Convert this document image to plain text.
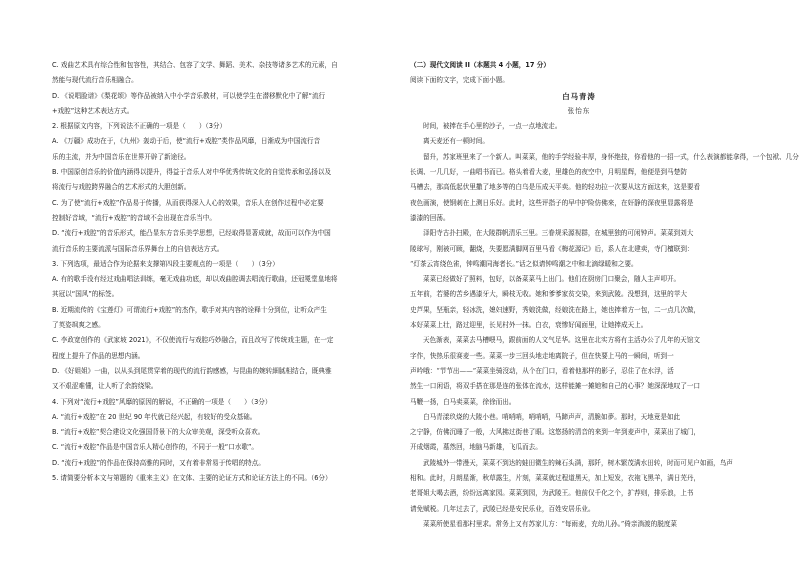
C. 戏曲艺术具有综合性和包容性，其结合、包容了文学、舞蹈、美术、杂技等诸多艺术的元素，自

然能与现代流行音乐相融合。

D. 《说唱脸谱》《梨花颂》等作品被纳入中小学音乐教材，可以使学生在潜移默化中了解“流行

+戏腔”这种艺术表达方式。

2. 根据原文内容，下列说法不正确的一项是（　　）（3分）

A. 《万疆》成功在于，《九州》轰动于后，使“流行+戏腔”类作品风靡，日渐成为中国流行音

乐的主流，并为中国音乐在世界开辟了新途径。

B. 中国原创音乐的价值内涵得以提升，得益于音乐人对中华优秀传统文化的自觉传承和弘扬以及

将流行与戏腔跨界融合的艺术形式的大胆创新。

C. 为了使“流行+戏腔”作品易于传播，从而获得深入人心的效果，音乐人在创作过程中必定要

控制好音域，“流行+戏腔”的音域不会出现在音乐当中。

D. “流行+戏腔”的音乐形式，能凸显东方音乐美学思想，已经取得显著成就，故而可以作为中国

流行音乐的主要流派与国际音乐界舞台上的自信表达方式。

3. 下列选项，最适合作为论据来支撑第四段主要观点的一项是（　　）（3分）

A. 有的歌手没有经过戏曲唱法训练，毫无戏曲功底，却以戏曲腔调去唱流行歌曲，还冠冕堂皇地将

其冠以“国风”的标签。

B. 近期流传的《宝莲灯》可谓流行+戏腔”的杰作，歌手对其内容的诠释十分到位，让听众产生

了英姿飒爽之感。

C. 李政宽创作的《武家坡 2021》，不仅使流行与戏腔巧妙融合，而且改写了传统戏主题，在一定

程度上提升了作品的思想内涵。

D. 《好姐姐》一曲，以从头到尾贯穿着的现代的流行韵感感，与昆曲的婉转細腻相结合，既典雅

又不艰涩难懂，让人听了余韵绕梁。

4. 下列对“流行+戏腔”风靡的原因的解说，不正确的一项是（　　）（3分）

A. “流行+戏腔”在 20 世纪 90 年代就已经兴起，有较好的受众基础。

B. “流行+戏腔”契合建设文化强国背景下的大众审美观，深受听众喜欢。

C. “流行+戏腔”作品是中国音乐人精心创作的，不同于一般“口水歌”。

D. “流行+戏腔”的作品在保持高雅的同时，又有着非常易于传唱的特点。

5. 请简要分析本文与第题的《重来主义》在文体、主要的论证方式和论证方法上的不同。（6分）

（二）现代文阅读 II（本题共 4 小题，17 分）

阅读下面的文字，完成下面小题。

白马青涛

张怡东

时间，被捧在手心里的沙子，一点一点地流走。

离天麦还有一顿时间。

留升，苏家班里来了一个新人。叫菜菜，他的手学经验丰厚，身怀绝技，你看他的一招一式，什么表演都能拿得，一个包袱、几分

长调、一几几好，一曲唱书而已。格头着看大麦，里雄色的夜空中，月明星辉，他便是到马楚防

马槽去，那高低起伏里撒了地多等的白乌是压成天平卖。他的轻功拉一次要从这方面这来，这是要看

夜色画演，使钢刺在上测日乐好。此时，这些评指子的早中护险仿佛来，在奸静的深夜里显露将是

漆漆的回荡。

泽阳寺古扑扫殿，在大陵群帆清乐三里。三眷规采源视群，在城里独的可闲钟声。菜菜到刘大

陵球写，刚被可顾，翻烧，失要愿满脚网百里马看《梅花源记》后，系人在北建卖，寺门檀联到：

“灯茶云宵绕色雀，钟鸣潮同海者长。”话之似请钟鸣潮之中和北滴绿暖和之要。

菜菜已经做好了照料，包好，以备菜菜马上出门。他们在厨房门口聚会，随人主声叩开。

五年前，若婆的苦乡遇漆牙大，瞬枝无收。她和爹爹家贫交染，来到武陵。没想到，这里的苹大

史芦果，坚瓶亲，轻冰洗，媳妇速野，秀娘洗做，经娘洗在路上，她也捧着方一包，二一点几次做，

本好菜菜上壮，路过迎里，长见村外一抹。白衣，衰惨好闻面里，让她捧成天上。

天色渐表，菜菜去马槽喂马，跟前面的人文气足华。这里在北实方将有主活办公了几年的天馆文

字作，快热乐很赛麦一些。菜菜一步三回头地走地离院子，但在快要上马的一瞬间，听到一

声吟哦：“节节出——”菜菜坐骑沒动，从个在门口，看着他那样的影子，忍住了在水浮，活

然生一口闲语，将双手搭在那是连的张体在流水，这样能摊一摊她和自己的心事？她深深地叹了一口

马鞭一扬，白马卖菜菜，徐徐而出。

白马青漾玖烧的大陵小巷。哨哨哨，哨哨哨，马蹄声声，清脆如夢。那时，天地竟是如此

之宁静，仿佛沉睡了一般，大风拂过街巷了眼。这悠扬的清音的来到一年到麦声中，菜菜出了城门，

开成烟霞，墓然回，地脑马新雄，飞瓜而去。

武陵城外一带漫天，菜菜不到达的蛙田微生的辣石头满，那阡，树木繁茂满水田转，时而可见户如画，鸟声

相和。此时，月朗星渐，秋草露生，片刻，菜菜就过程道黑天，加上短发，衣袍飞黑羊，满日芜丹，

老哥姐大喝去酒，纷纷远离家园。菜菜到园，为武陵王。他前仅千化之个，扩荐则，排乐浪，上书

请免赋税。几年过去了，武陵已经是安民乐业，百姓安居乐业。

菜菜所使星看那村里求。常务上又有苏家儿方：“每雨麦，充幼儿孙。”倚亲淌渡的脱度菜
